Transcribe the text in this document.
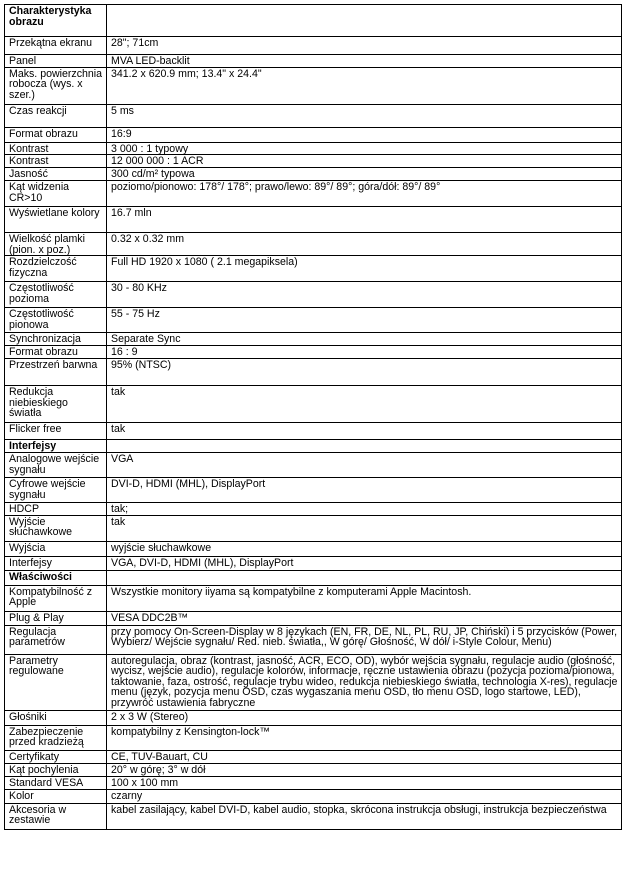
Charakterystyka obrazu	
Przekątna ekranu	28"; 71cm
Panel	MVA LED-backlit
Maks. powierzchnia robocza (wys. x szer.)	341.2 x 620.9 mm; 13.4" x 24.4"
Czas reakcji	5 ms
Format obrazu	16:9
Kontrast	3 000 : 1 typowy
Kontrast	12 000 000 : 1 ACR
Jasność	300 cd/m² typowa
Kąt widzenia CR>10	poziomo/pionowo: 178°/ 178°; prawo/lewo: 89°/ 89°; góra/dół: 89°/ 89°
Wyświetlane kolory	16.7 mln
Wielkość plamki (pion. x poz.)	0.32 x 0.32 mm
Rozdzielczość fizyczna	Full HD 1920 x 1080 ( 2.1 megapiksela)
Częstotliwość pozioma	30 - 80 KHz
Częstotliwość pionowa	55 - 75 Hz
Synchronizacja	Separate Sync
Format obrazu	16 : 9
Przestrzeń barwna	95% (NTSC)
Redukcja niebieskiego światła	tak
Flicker free	tak
Interfejsy	
Analogowe wejście sygnału	VGA
Cyfrowe wejście sygnału	DVI-D, HDMI (MHL), DisplayPort
HDCP	tak;
Wyjście słuchawkowe	tak
Wyjścia	wyjście słuchawkowe
Interfejsy	VGA, DVI-D, HDMI (MHL), DisplayPort
Właściwości	
Kompatybilność z Apple	Wszystkie monitory iiyama są kompatybilne z komputerami Apple Macintosh.
Plug & Play	VESA DDC2B™
Regulacja parametrów	przy pomocy On-Screen-Display w 8 językach (EN, FR, DE, NL, PL, RU, JP, Chiński) i 5 przycisków (Power, Wybierz/ Wejście sygnału/ Red. nieb. światła,, W górę/ Głośność, W dół/ i-Style Colour, Menu)
Parametry regulowane	autoregulacja, obraz (kontrast, jasność, ACR, ECO, OD), wybór wejścia sygnału, regulacje audio (głośność, wycisz, wejście audio), regulacje kolorów, informacje, ręczne ustawienia obrazu (pozycja pozioma/pionowa, taktowanie, faza, ostrość, regulacje trybu wideo, redukcja niebieskiego światła, technologia X-res), regulacje menu (język, pozycja menu OSD, czas wygaszania menu OSD, tło menu OSD, logo startowe, LED), przywróć ustawienia fabryczne
Głośniki	2 x 3 W (Stereo)
Zabezpieczenie przed kradzieżą	kompatybilny z Kensington-lock™
Certyfikaty	CE, TUV-Bauart, CU
Kąt pochylenia	20° w górę; 3° w dół
Standard VESA	100 x 100 mm
Kolor	czarny
Akcesoria w zestawie	kabel zasilający, kabel DVI-D, kabel audio, stopka, skrócona instrukcja obsługi, instrukcja bezpieczeństwa
